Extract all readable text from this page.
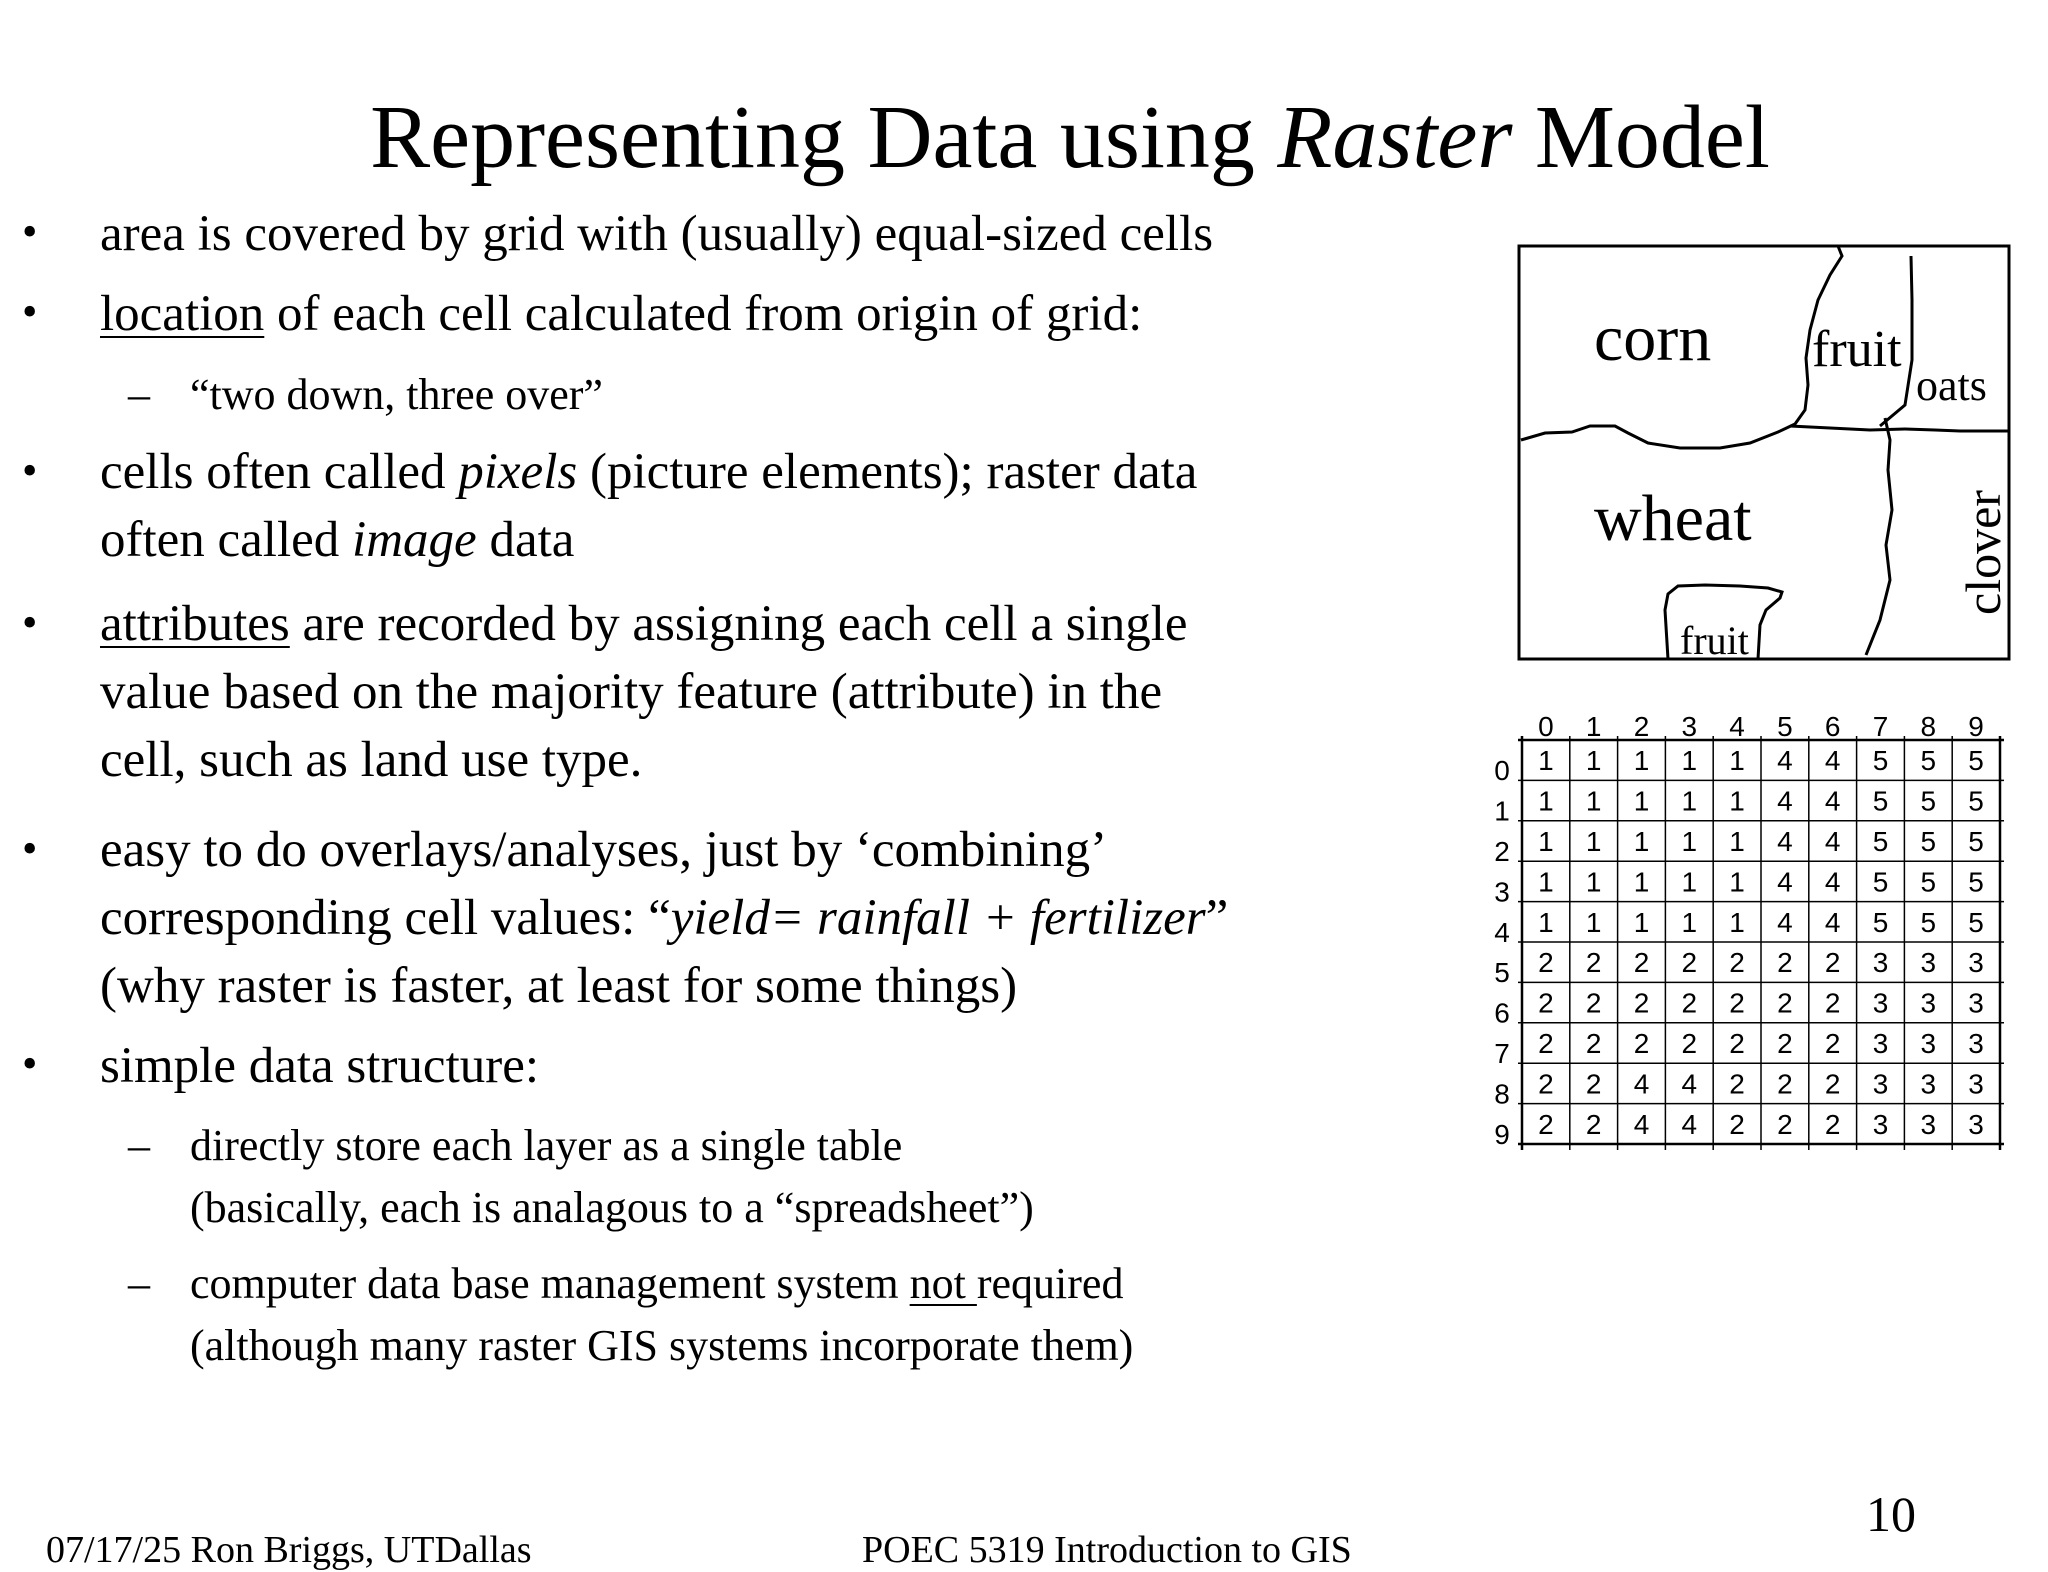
Representing Data using Raster Model
• area is covered by grid with (usually) equal-sized cells
• location of each cell calculated from origin of grid:
– “two down, three over”
• cells often called pixels (picture elements); raster data
often called image data
• attributes are recorded by assigning each cell a single
value based on the majority feature (attribute) in the
cell, such as land use type.
• easy to do overlays/analyses, just by ‘combining’
corresponding cell values: “yield= rainfall + fertilizer”
(why raster is faster, at least for some things)
• simple data structure:
– directly store each layer as a single table
(basically, each is analagous to a “spreadsheet”)
– computer data base management system not required
(although many raster GIS systems incorporate them)
corn fruit
oats
wheat	clover
fruit
0 1 2 3 4 5 6 7 8 9
0
1
2
3
4
5
6
7
8
9
1 1 1 1 1 4 4 5 5 5
1 1 1 1 1 4 4 5 5 5
1 1 1 1 1 4 4 5 5 5
1 1 1 1 1 4 4 5 5 5
1 1 1 1 1 4 4 5 5 5
2 2 2 2 2 2 2 3 3 3
2 2 2 2 2 2 2 3 3 3
2 2 2 2 2 2 2 3 3 3
2 2 4 4 2 2 2 3 3 3
2 2 4 4 2 2 2 3 3 3
07/17/25 Ron Briggs, UTDallas	POEC 5319 Introduction to GIS
10
